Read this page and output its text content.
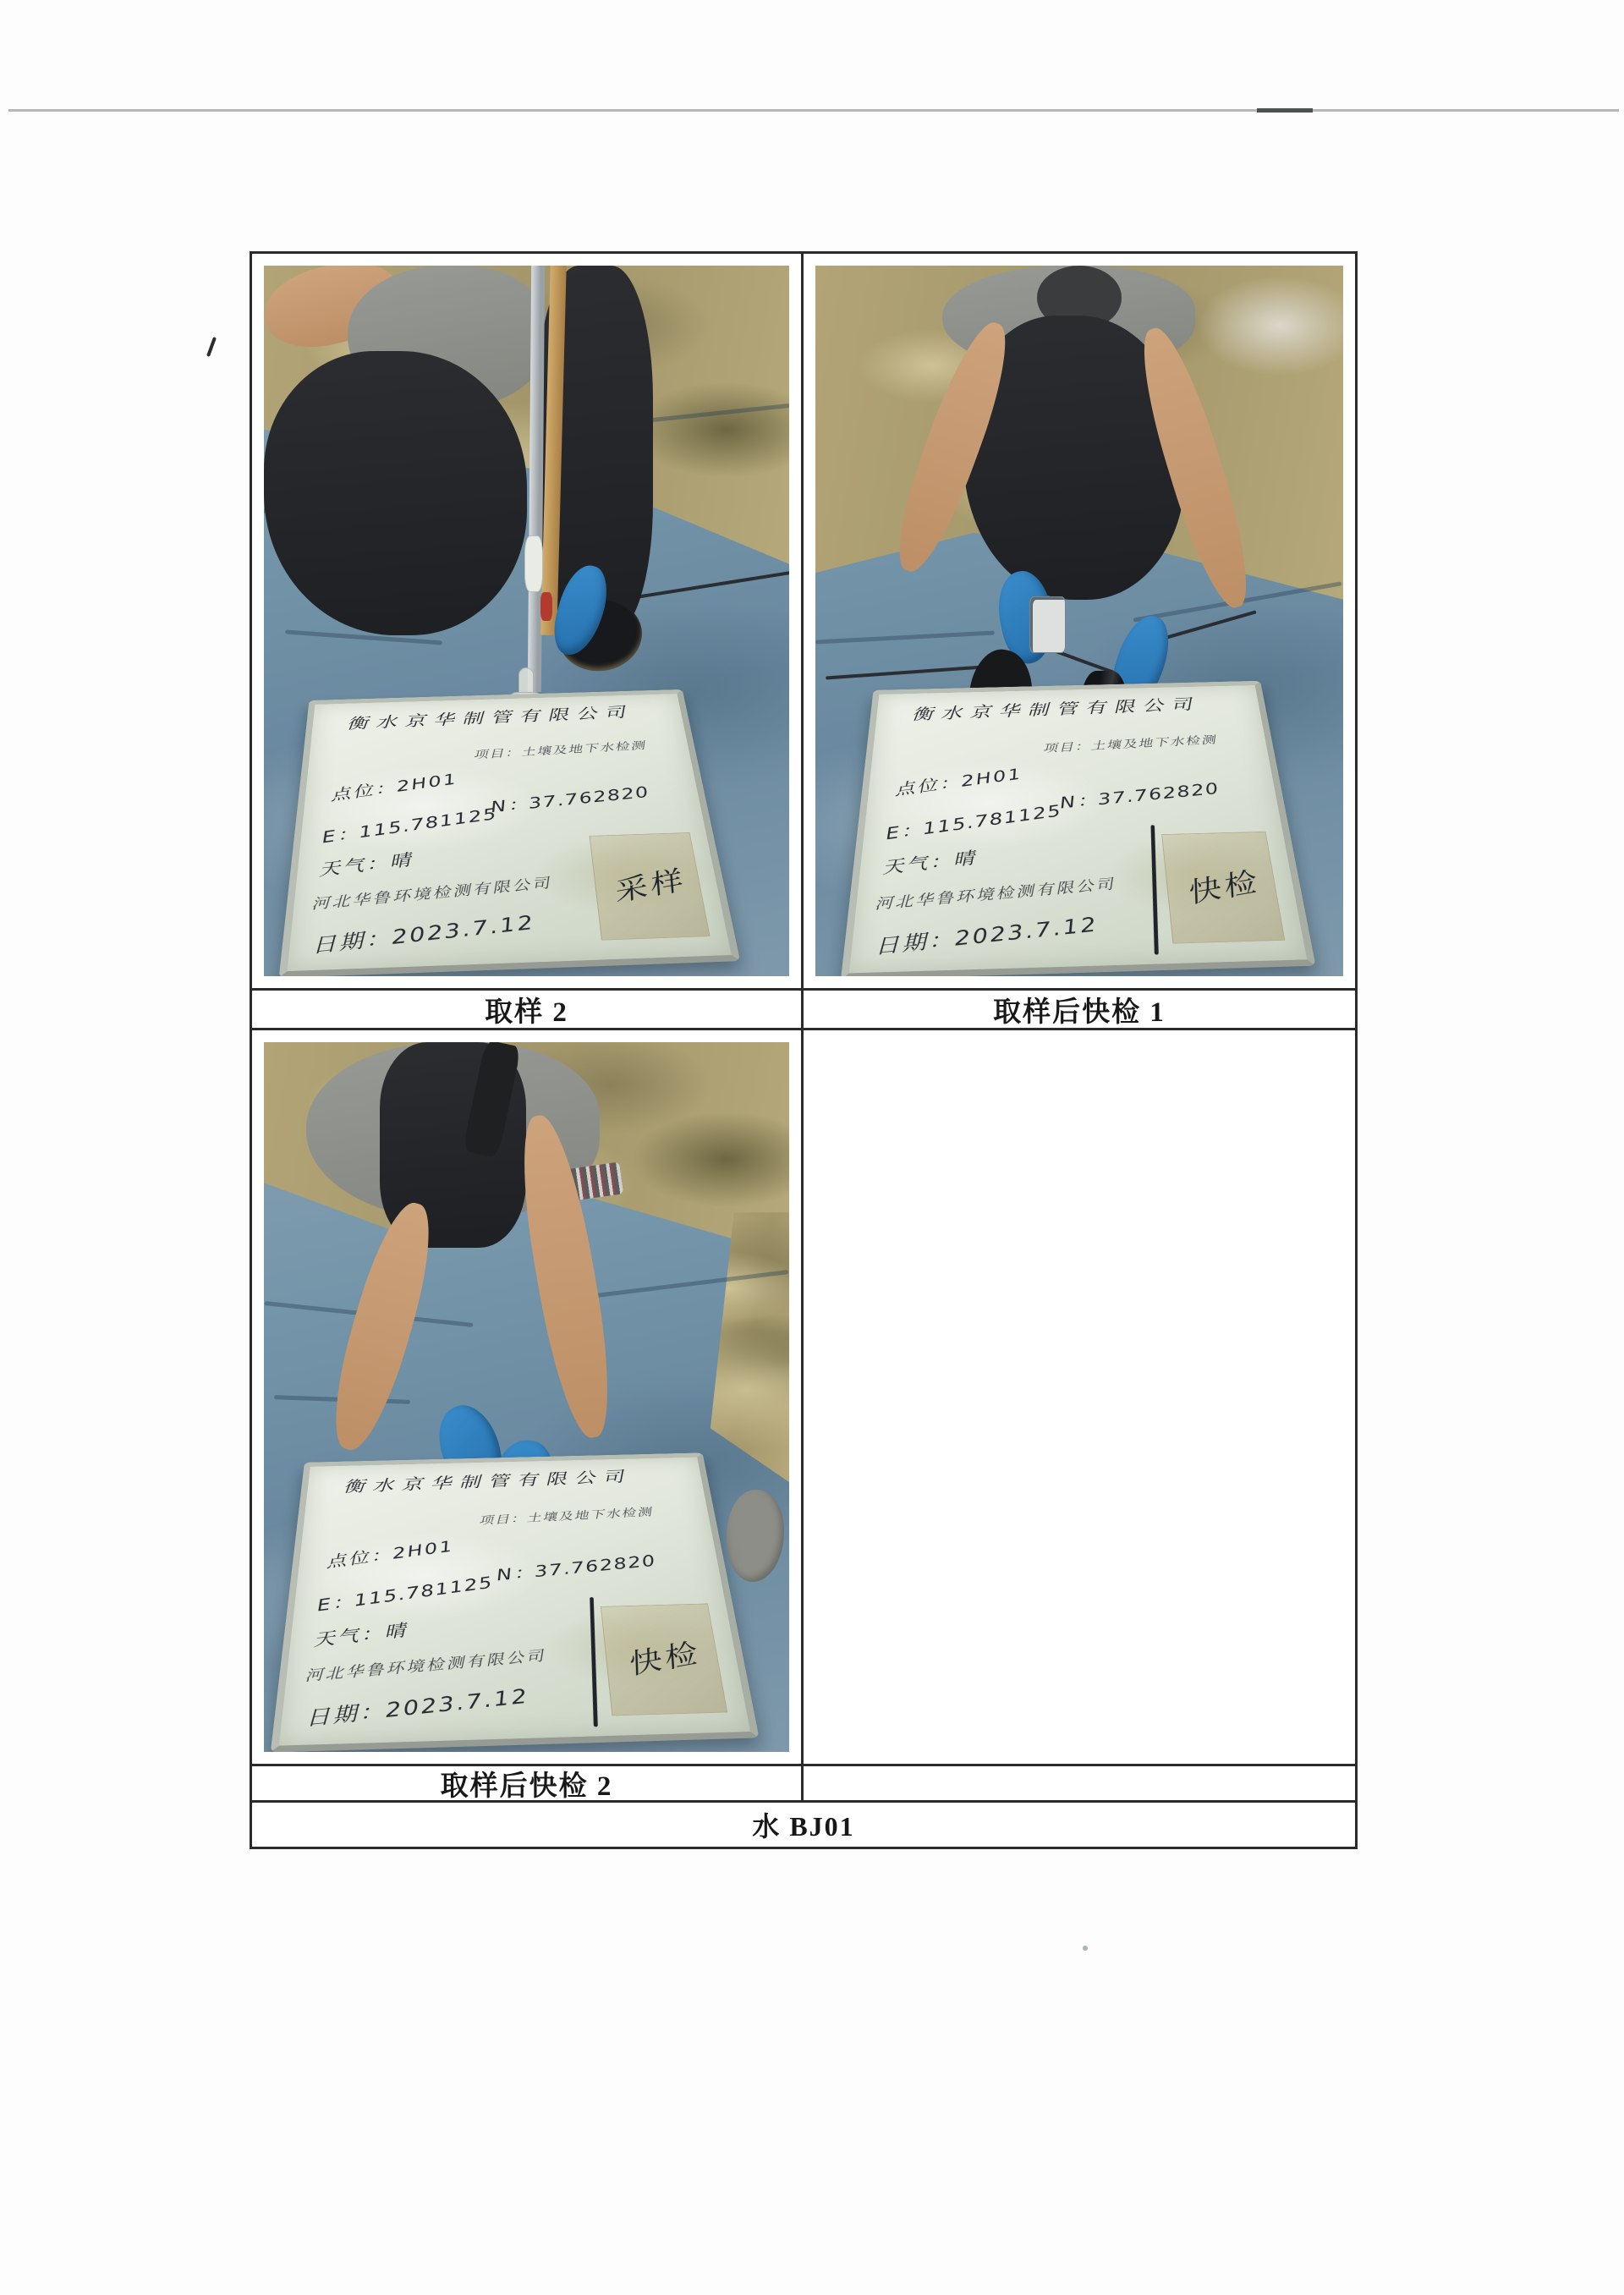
衡水京华制管有限公司
项目：土壤及地下水检测
点位：2H01
E：115.781125
N：37.762820
天气：晴
河北华鲁环境检测有限公司
日期：2023.7.12
采样
衡水京华制管有限公司
项目：土壤及地下水检测
点位：2H01
E：115.781125
N：37.762820
天气：晴
河北华鲁环境检测有限公司
日期：2023.7.12
快检
取样 2	取样后快检 1
衡水京华制管有限公司
项目：土壤及地下水检测
点位：2H01
E：115.781125
N：37.762820
天气：晴
河北华鲁环境检测有限公司
日期：2023.7.12
快检
取样后快检 2
水 BJ01
